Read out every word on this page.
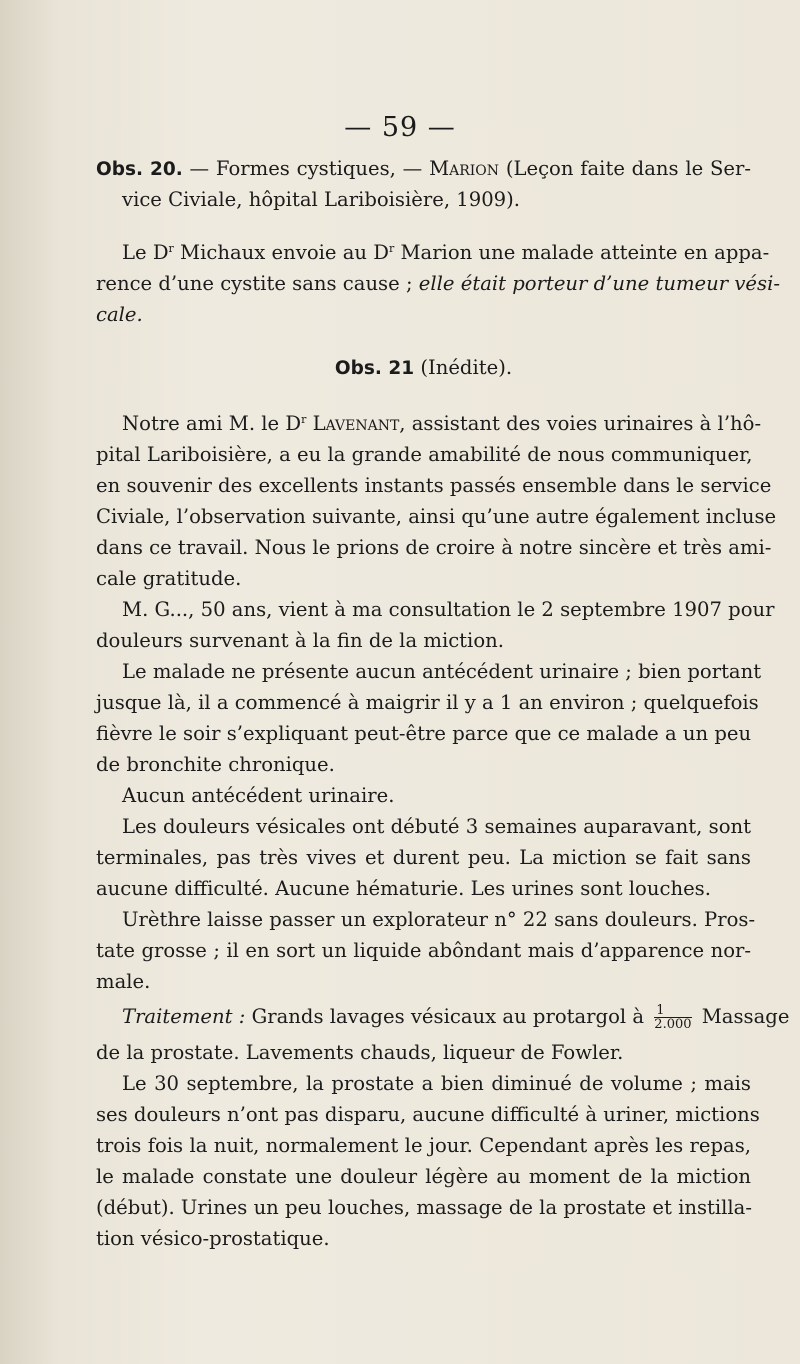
— 59 —
Obs. 20. — Formes cystiques, — Marion (Leçon faite dans le Ser-
vice Civiale, hôpital Lariboisière, 1909).
Le $D^r$ Michaux envoie au $D^r$ Marion une malade atteinte en appa-
rence d’une cystite sans cause ; elle était porteur d’une tumeur vési-
cale.
Obs. 21 (Inédite).
Notre ami M. le $D^r$ Lavenant, assistant des voies urinaires à l’hô-
pital Lariboisière, a eu la grande amabilité de nous communiquer,
en souvenir des excellents instants passés ensemble dans le service
Civiale, l’observation suivante, ainsi qu’une autre également incluse
dans ce travail. Nous le prions de croire à notre sincère et très ami-
cale gratitude.
M. G..., 50 ans, vient à ma consultation le 2 septembre 1907 pour
douleurs survenant à la fin de la miction.
Le malade ne présente aucun antécédent urinaire ; bien portant
jusque là, il a commencé à maigrir il y a 1 an environ ; quelquefois
fièvre le soir s’expliquant peut-être parce que ce malade a un peu
de bronchite chronique.
Aucun antécédent urinaire.
Les douleurs vésicales ont débuté 3 semaines auparavant, sont
terminales, pas très vives et durent peu. La miction se fait sans
aucune difficulté. Aucune hématurie. Les urines sont louches.
Urèthre laisse passer un explorateur n° 22 sans douleurs. Pros-
tate grosse ; il en sort un liquide abôndant mais d’apparence nor-
male.
Traitement : Grands lavages vésicaux au protargol à $\frac{1}{2.000}$ Massage
de la prostate. Lavements chauds, liqueur de Fowler.
Le 30 septembre, la prostate a bien diminué de volume ; mais
ses douleurs n’ont pas disparu, aucune difficulté à uriner, mictions
trois fois la nuit, normalement le jour. Cependant après les repas,
le malade constate une douleur légère au moment de la miction
(début). Urines un peu louches, massage de la prostate et instilla-
tion vésico-prostatique.
